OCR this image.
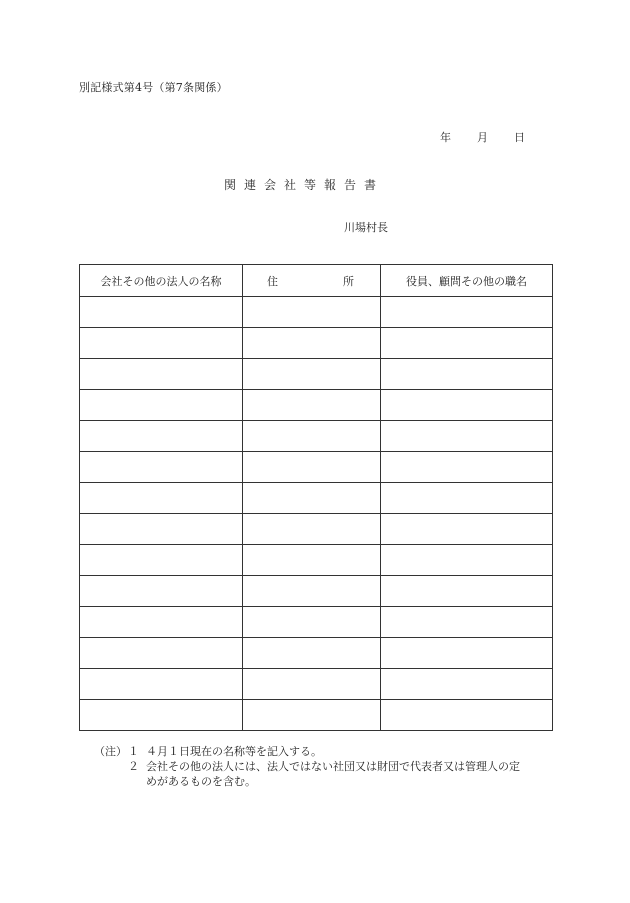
別記様式第4号（第7条関係）
年	月	日
関連会社等報告書
川場村長
会社その他の法人の名称	住 所	役員、顧問その他の職名

（注） １ ４月１日現在の名称等を記入する。
２ 会社その他の法人には、法人ではない社団又は財団で代表者又は管理人の定
めがあるものを含む。
